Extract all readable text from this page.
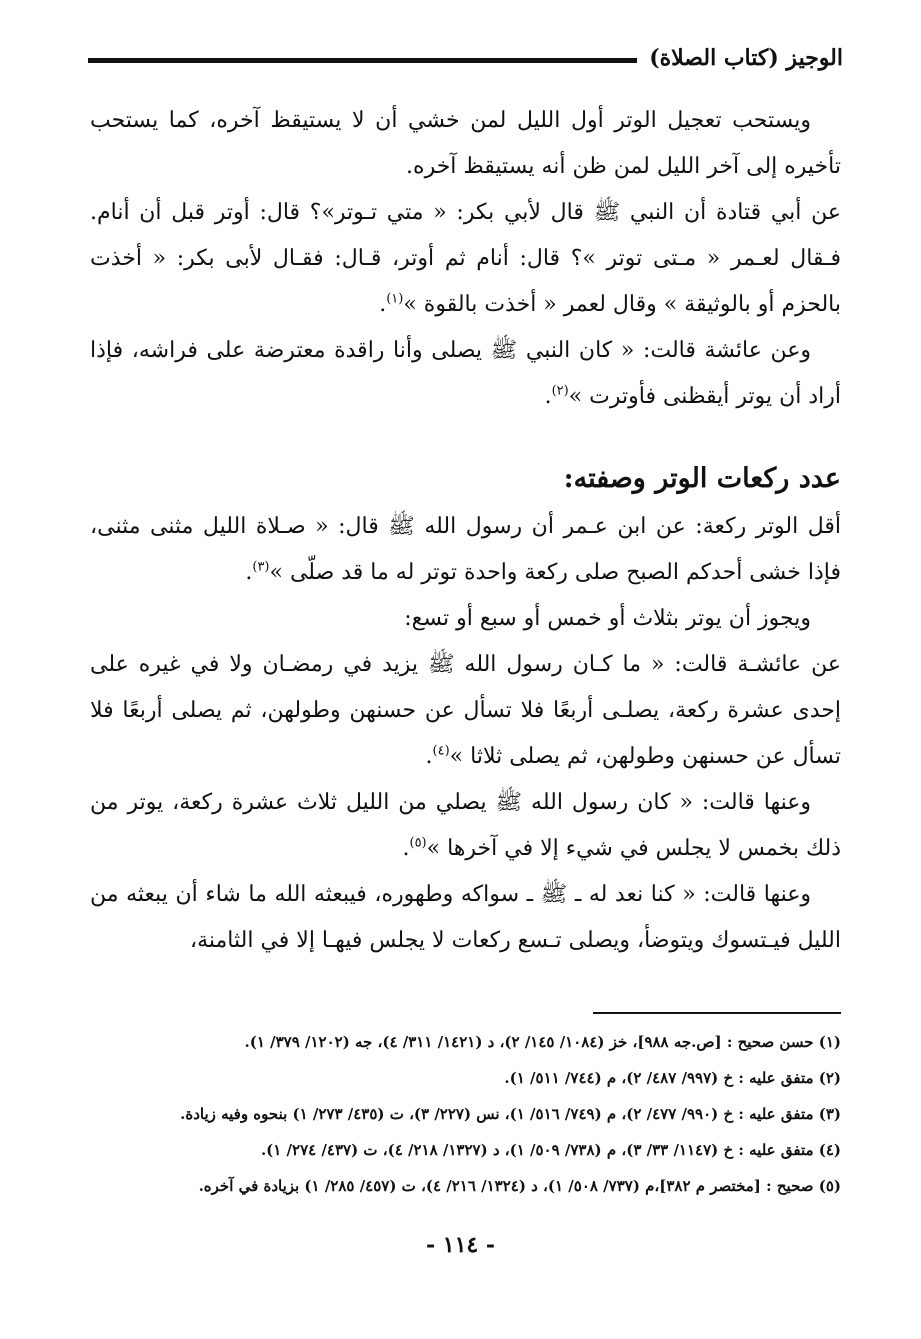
الوجيز (كتاب الصلاة)

ويستحب تعجيل الوتر أول الليل لمن خشي أن لا يستيقظ آخره، كما يستحب تأخيره إلى آخر الليل لمن ظن أنه يستيقظ آخره.

عن أبي قتادة أن النبي ﷺ قال لأبي بكر: « متي تـوتر»؟ قال: أوتر قبل أن أنام. فـقال لعـمر « مـتى توتر »؟ قال: أنام ثم أوتر، قـال: فقـال لأبى بكر: « أخذت بالحزم أو بالوثيقة » وقال لعمر « أخذت بالقوة »$^{(١)}$.

وعن عائشة قالت: « كان النبي ﷺ يصلى وأنا راقدة معترضة على فراشه، فإذا أراد أن يوتر أيقظنى فأوترت »$^{(٢)}$.

عدد ركعات الوتر وصفته:

أقل الوتر ركعة: عن ابن عـمر أن رسول الله ﷺ قال: « صـلاة الليل مثنى مثنى، فإذا خشى أحدكم الصبح صلى ركعة واحدة توتر له ما قد صلّى »$^{(٣)}$.

ويجوز أن يوتر بثلاث أو خمس أو سبع أو تسع:

عن عائشـة قالت: « ما كـان رسول الله ﷺ يزيد في رمضـان ولا في غيره على إحدى عشرة ركعة، يصلـى أربعًا فلا تسأل عن حسنهن وطولهن، ثم يصلى أربعًا فلا تسأل عن حسنهن وطولهن، ثم يصلى ثلاثا »$^{(٤)}$.

وعنها قالت: « كان رسول الله ﷺ يصلي من الليل ثلاث عشرة ركعة، يوتر من ذلك بخمس لا يجلس في شيء إلا في آخرها »$^{(٥)}$.

وعنها قالت: « كنا نعد له ـ ﷺ ـ سواكه وطهوره، فيبعثه الله ما شاء أن يبعثه من الليل فيـتسوك ويتوضأ، ويصلى تـسع ركعات لا يجلس فيهـا إلا في الثامنة،

(١) حسن صحيح : [ص.جه ٩٨٨]، خز (١٠٨٤/ ١٤٥/ ٢)، د (١٤٢١/ ٣١١/ ٤)، جه (١٢٠٢/ ٣٧٩/ ١).

(٢) متفق عليه : خ (٩٩٧/ ٤٨٧/ ٢)، م (٧٤٤/ ٥١١/ ١).

(٣) متفق عليه : خ (٩٩٠/ ٤٧٧/ ٢)، م (٧٤٩/ ٥١٦/ ١)، نس (٢٢٧/ ٣)، ت (٤٣٥/ ٢٧٣/ ١) بنحوه وفيه زيادة.

(٤) متفق عليه : خ (١١٤٧/ ٣٣/ ٣)، م (٧٣٨/ ٥٠٩/ ١)، د (١٣٢٧/ ٢١٨/ ٤)، ت (٤٣٧/ ٢٧٤/ ١).

(٥) صحيح : [مختصر م ٣٨٢]،م (٧٣٧/ ٥٠٨/ ١)، د (١٣٢٤/ ٢١٦/ ٤)، ت (٤٥٧/ ٢٨٥/ ١) بزيادة في آخره.

- ١١٤ -
